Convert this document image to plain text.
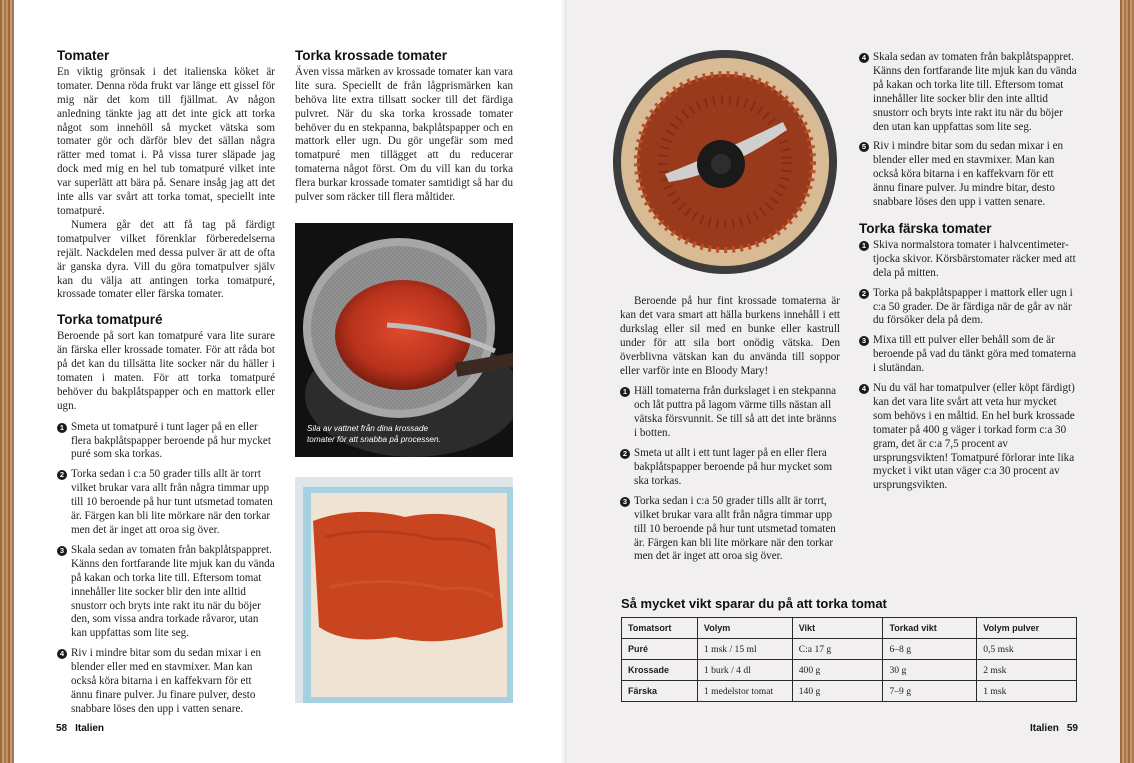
Tomater

En viktig grönsak i det italienska köket är tomater. Denna röda frukt var länge ett gissel för mig när det kom till fjällmat. Av någon anledning tänkte jag att det inte gick att torka något som innehöll så mycket vätska som tomater gör och därför blev det sällan några rätter med tomat i. På vissa turer släpade jag dock med mig en hel tub tomatpuré vilket inte var superlätt att bära på. Senare insåg jag att det inte alls var svårt att torka tomat, speciellt inte tomatpuré.

Numera går det att få tag på färdigt tomatpulver vilket förenklar förberedelserna rejält. Nackdelen med dessa pulver är att de ofta är ganska dyra. Vill du göra tomatpulver själv kan du välja att antingen torka tomatpuré, krossade tomater eller färska tomater.

Torka tomatpuré

Beroende på sort kan tomatpuré vara lite surare än färska eller krossade tomater. För att råda bot på det kan du tillsätta lite socker när du häller i tomaten i maten. För att torka tomatpuré behöver du bakplåtspapper och en mattork eller ugn.

1 Smeta ut tomatpuré i tunt lager på en eller flera bakplåtspapper beroende på hur mycket puré som ska torkas.
2 Torka sedan i c:a 50 grader tills allt är torrt vilket brukar vara allt från några timmar upp till 10 beroende på hur tunt utsmetad tomaten är. Färgen kan bli lite mörkare när den torkar men det är inget att oroa sig över.
3 Skala sedan av tomaten från bakplåtspappret. Känns den fortfarande lite mjuk kan du vända på kakan och torka lite till. Eftersom tomat innehåller lite socker blir den inte alltid snustorr och bryts inte rakt itu när du böjer den, som vissa andra torkade råvaror, utan kan uppfattas som lite seg.
4 Riv i mindre bitar som du sedan mixar i en blender eller med en stavmixer. Man kan också köra bitarna i en kaffekvarn för ett ännu finare pulver. Ju finare pulver, desto snabbare löses den upp i vatten senare.
Torka krossade tomater

Även vissa märken av krossade tomater kan vara lite sura. Speciellt de från lågprismärken kan behöva lite extra tillsatt socker till det färdiga pulvret. När du ska torka krossade tomater behöver du en stekpanna, bakplåtspapper och en mattork eller ugn. Du gör ungefär som med tomatpuré men tillägget att du reducerar tomaterna något först. Om du vill kan du torka flera burkar krossade tomater samtidigt så har du pulver som räcker till flera måltider.

Sila av vattnet från dina krossade tomater för att snabba på processen.
58 Italien

Beroende på hur fint krossade tomaterna är kan det vara smart att hälla burkens innehåll i ett durkslag eller sil med en bunke eller kastrull under för att sila bort onödig vätska. Den överblivna vätskan kan du använda till soppor eller varför inte en Bloody Mary!

1 Häll tomaterna från durkslaget i en stekpanna och låt puttra på lagom värme tills nästan all vätska försvunnit. Se till så att det inte bränns i botten.
2 Smeta ut allt i ett tunt lager på en eller flera bakplåtspapper beroende på hur mycket som ska torkas.
3 Torka sedan i c:a 50 grader tills allt är torrt, vilket brukar vara allt från några timmar upp till 10 beroende på hur tunt utsmetad tomaten är. Färgen kan bli lite mörkare när den torkar men det är inget att oroa sig över.
4 Skala sedan av tomaten från bakplåtspappret. Känns den fortfarande lite mjuk kan du vända på kakan och torka lite till. Eftersom tomat innehåller lite socker blir den inte alltid snustorr och bryts inte rakt itu när du böjer den utan kan uppfattas som lite seg.
5 Riv i mindre bitar som du sedan mixar i en blender eller med en stavmixer. Man kan också köra bitarna i en kaffekvarn för ett ännu finare pulver. Ju mindre bitar, desto snabbare löses den upp i vatten senare.
Torka färska tomater
1 Skiva normalstora tomater i halvcentimeter-tjocka skivor. Körsbärstomater räcker med att dela på mitten.
2 Torka på bakplåtspapper i mattork eller ugn i c:a 50 grader. De är färdiga när de går av när du försöker dela på dem.
3 Mixa till ett pulver eller behåll som de är beroende på vad du tänkt göra med tomaterna i slutändan.
4 Nu du väl har tomatpulver (eller köpt färdigt) kan det vara lite svårt att veta hur mycket som behövs i en måltid. En hel burk krossade tomater på 400 g väger i torkad form c:a 30 gram, det är c:a 7,5 procent av ursprungsvikten! Tomatpuré förlorar inte lika mycket i vikt utan väger c:a 30 procent av ursprungsvikten.
Så mycket vikt sparar du på att torka tomat
Tomatsort	Volym	Vikt	Torkad vikt	Volym pulver
Puré	1 msk / 15 ml	C:a 17 g	6–8 g	0,5 msk
Krossade	1 burk / 4 dl	400 g	30 g	2 msk
Färska	1 medelstor tomat	140 g	7–9 g	1 msk
Italien 59
